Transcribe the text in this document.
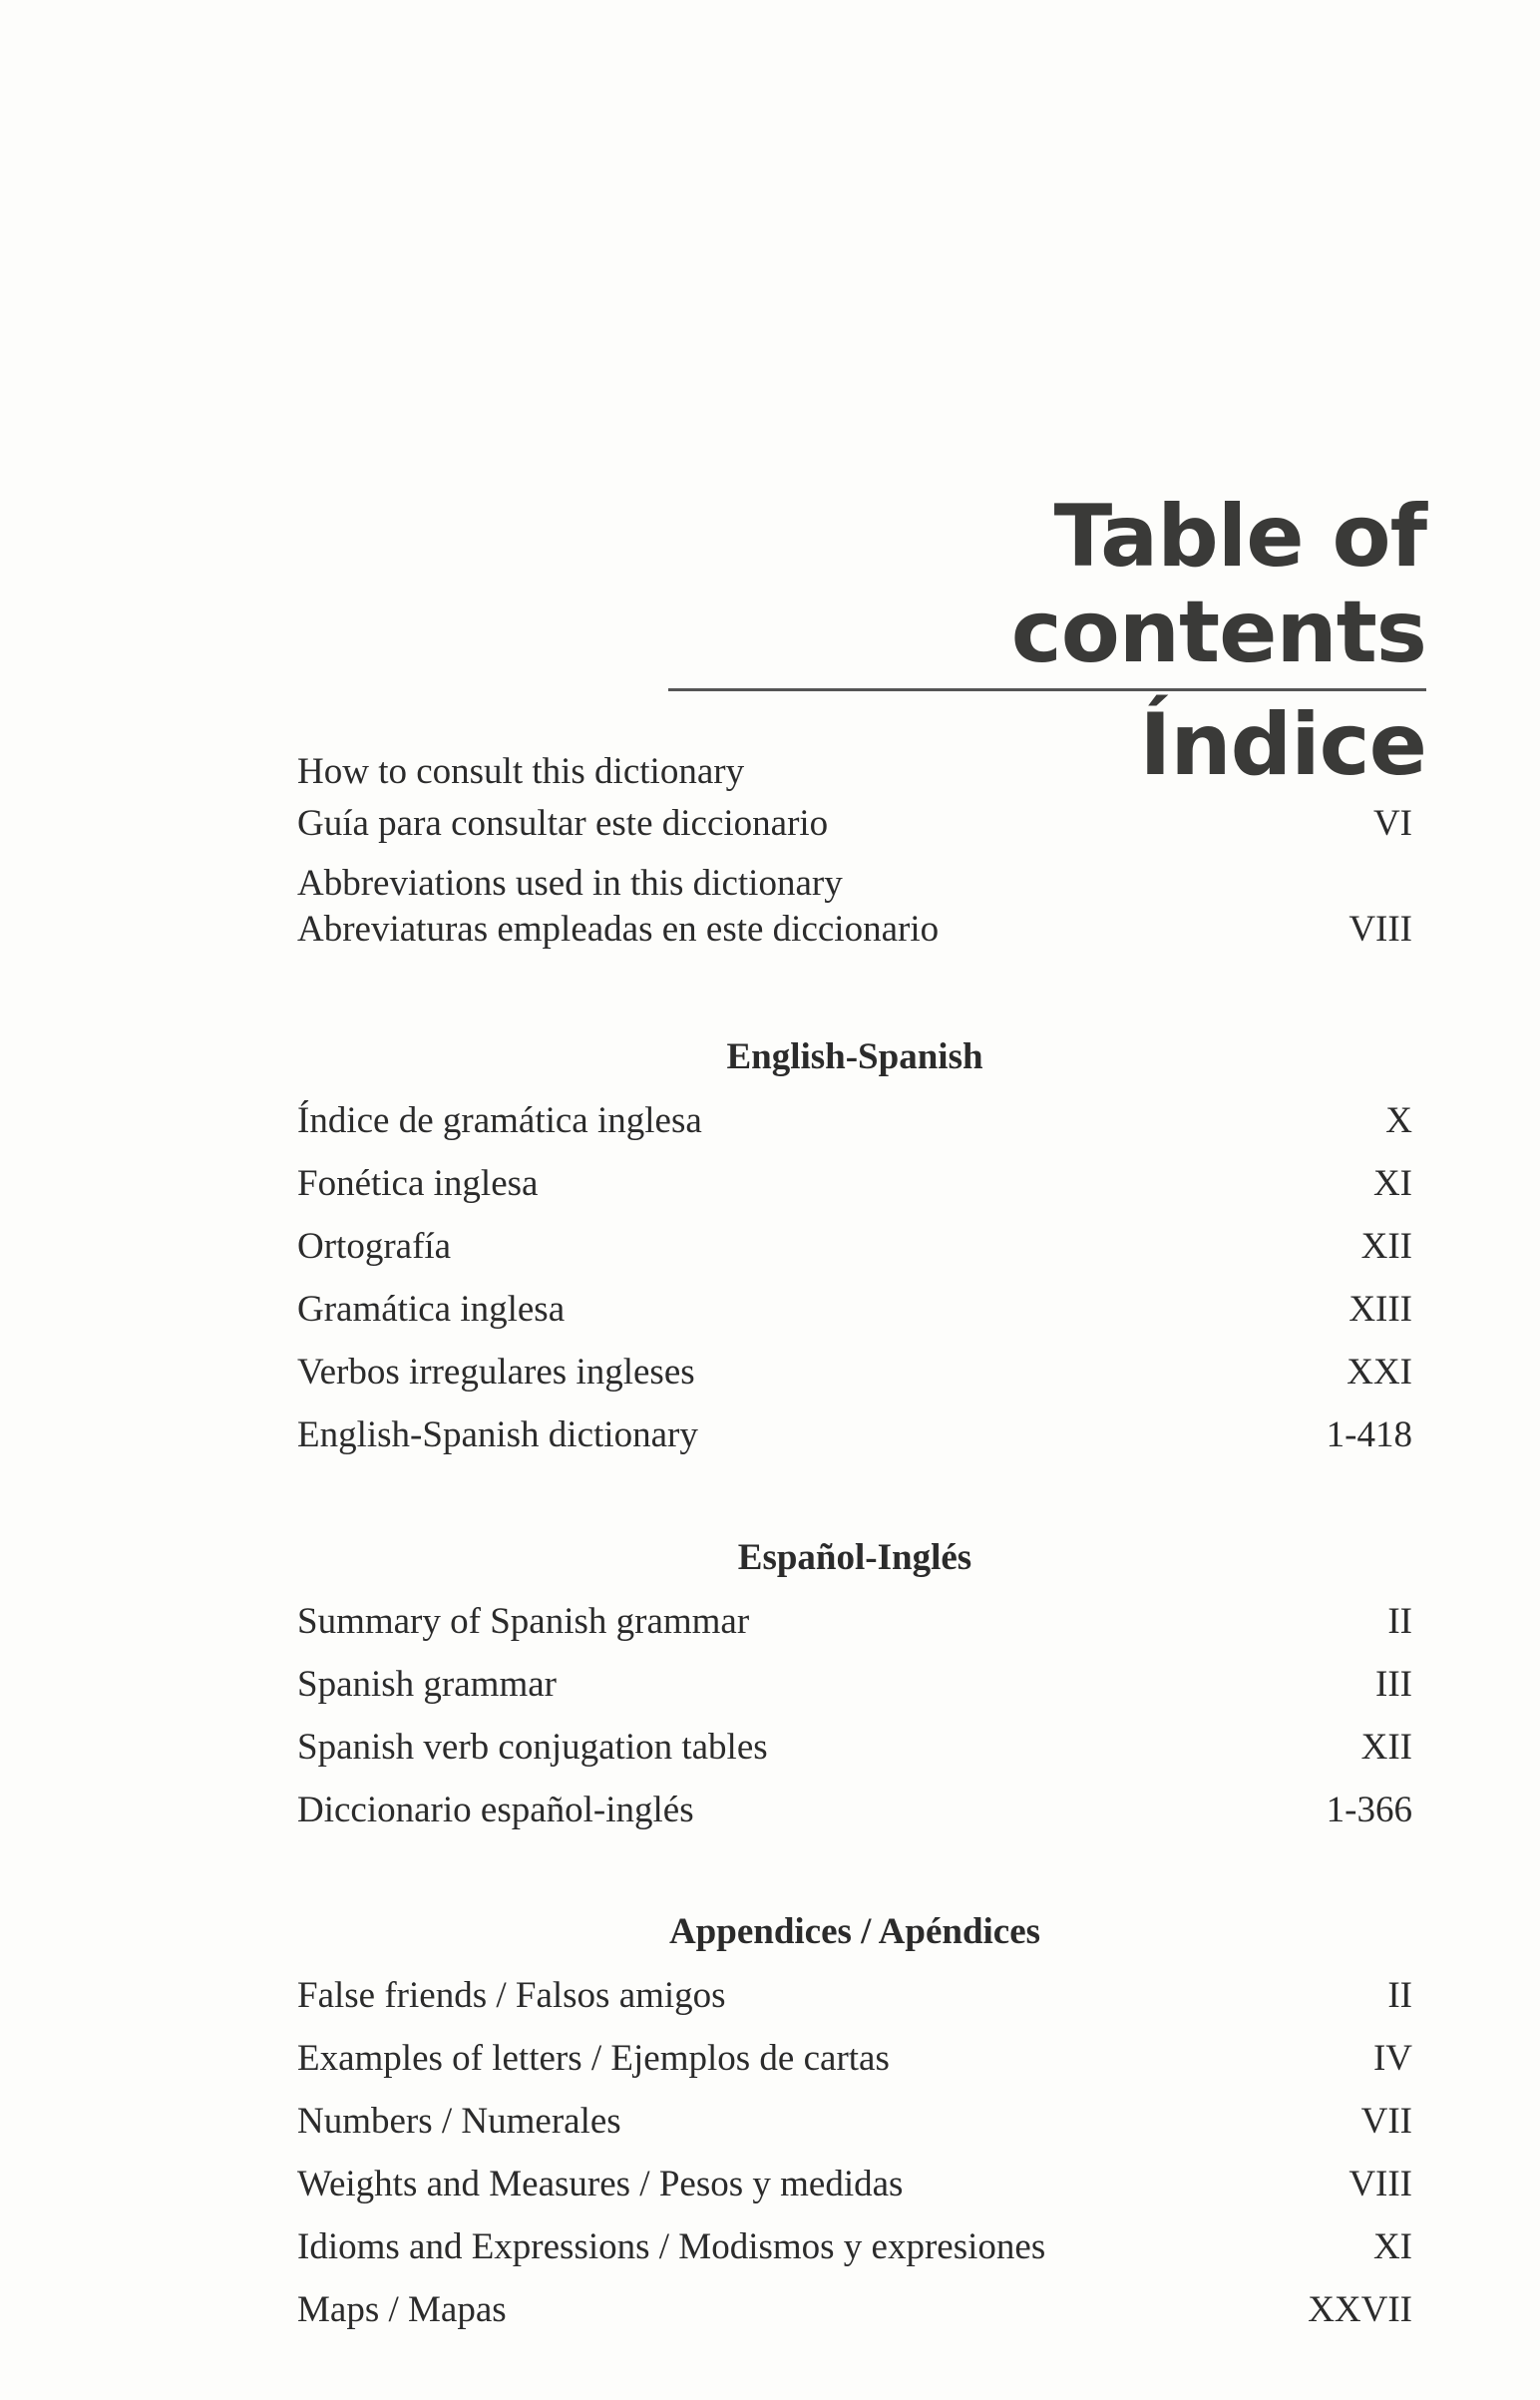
Table of contents
Índice
How to consult this dictionary
Guía para consultar este diccionario	VI
Abbreviations used in this dictionary
Abreviaturas empleadas en este diccionario	VIII
English-Spanish
Índice de gramática inglesa	X
Fonética inglesa	XI
Ortografía	XII
Gramática inglesa	XIII
Verbos irregulares ingleses	XXI
English-Spanish dictionary	1-418
Español-Inglés
Summary of Spanish grammar	II
Spanish grammar	III
Spanish verb conjugation tables	XII
Diccionario español-inglés	1-366
Appendices / Apéndices
False friends / Falsos amigos	II
Examples of letters / Ejemplos de cartas	IV
Numbers / Numerales	VII
Weights and Measures / Pesos y medidas	VIII
Idioms and Expressions / Modismos y expresiones	XI
Maps / Mapas	XXVII
